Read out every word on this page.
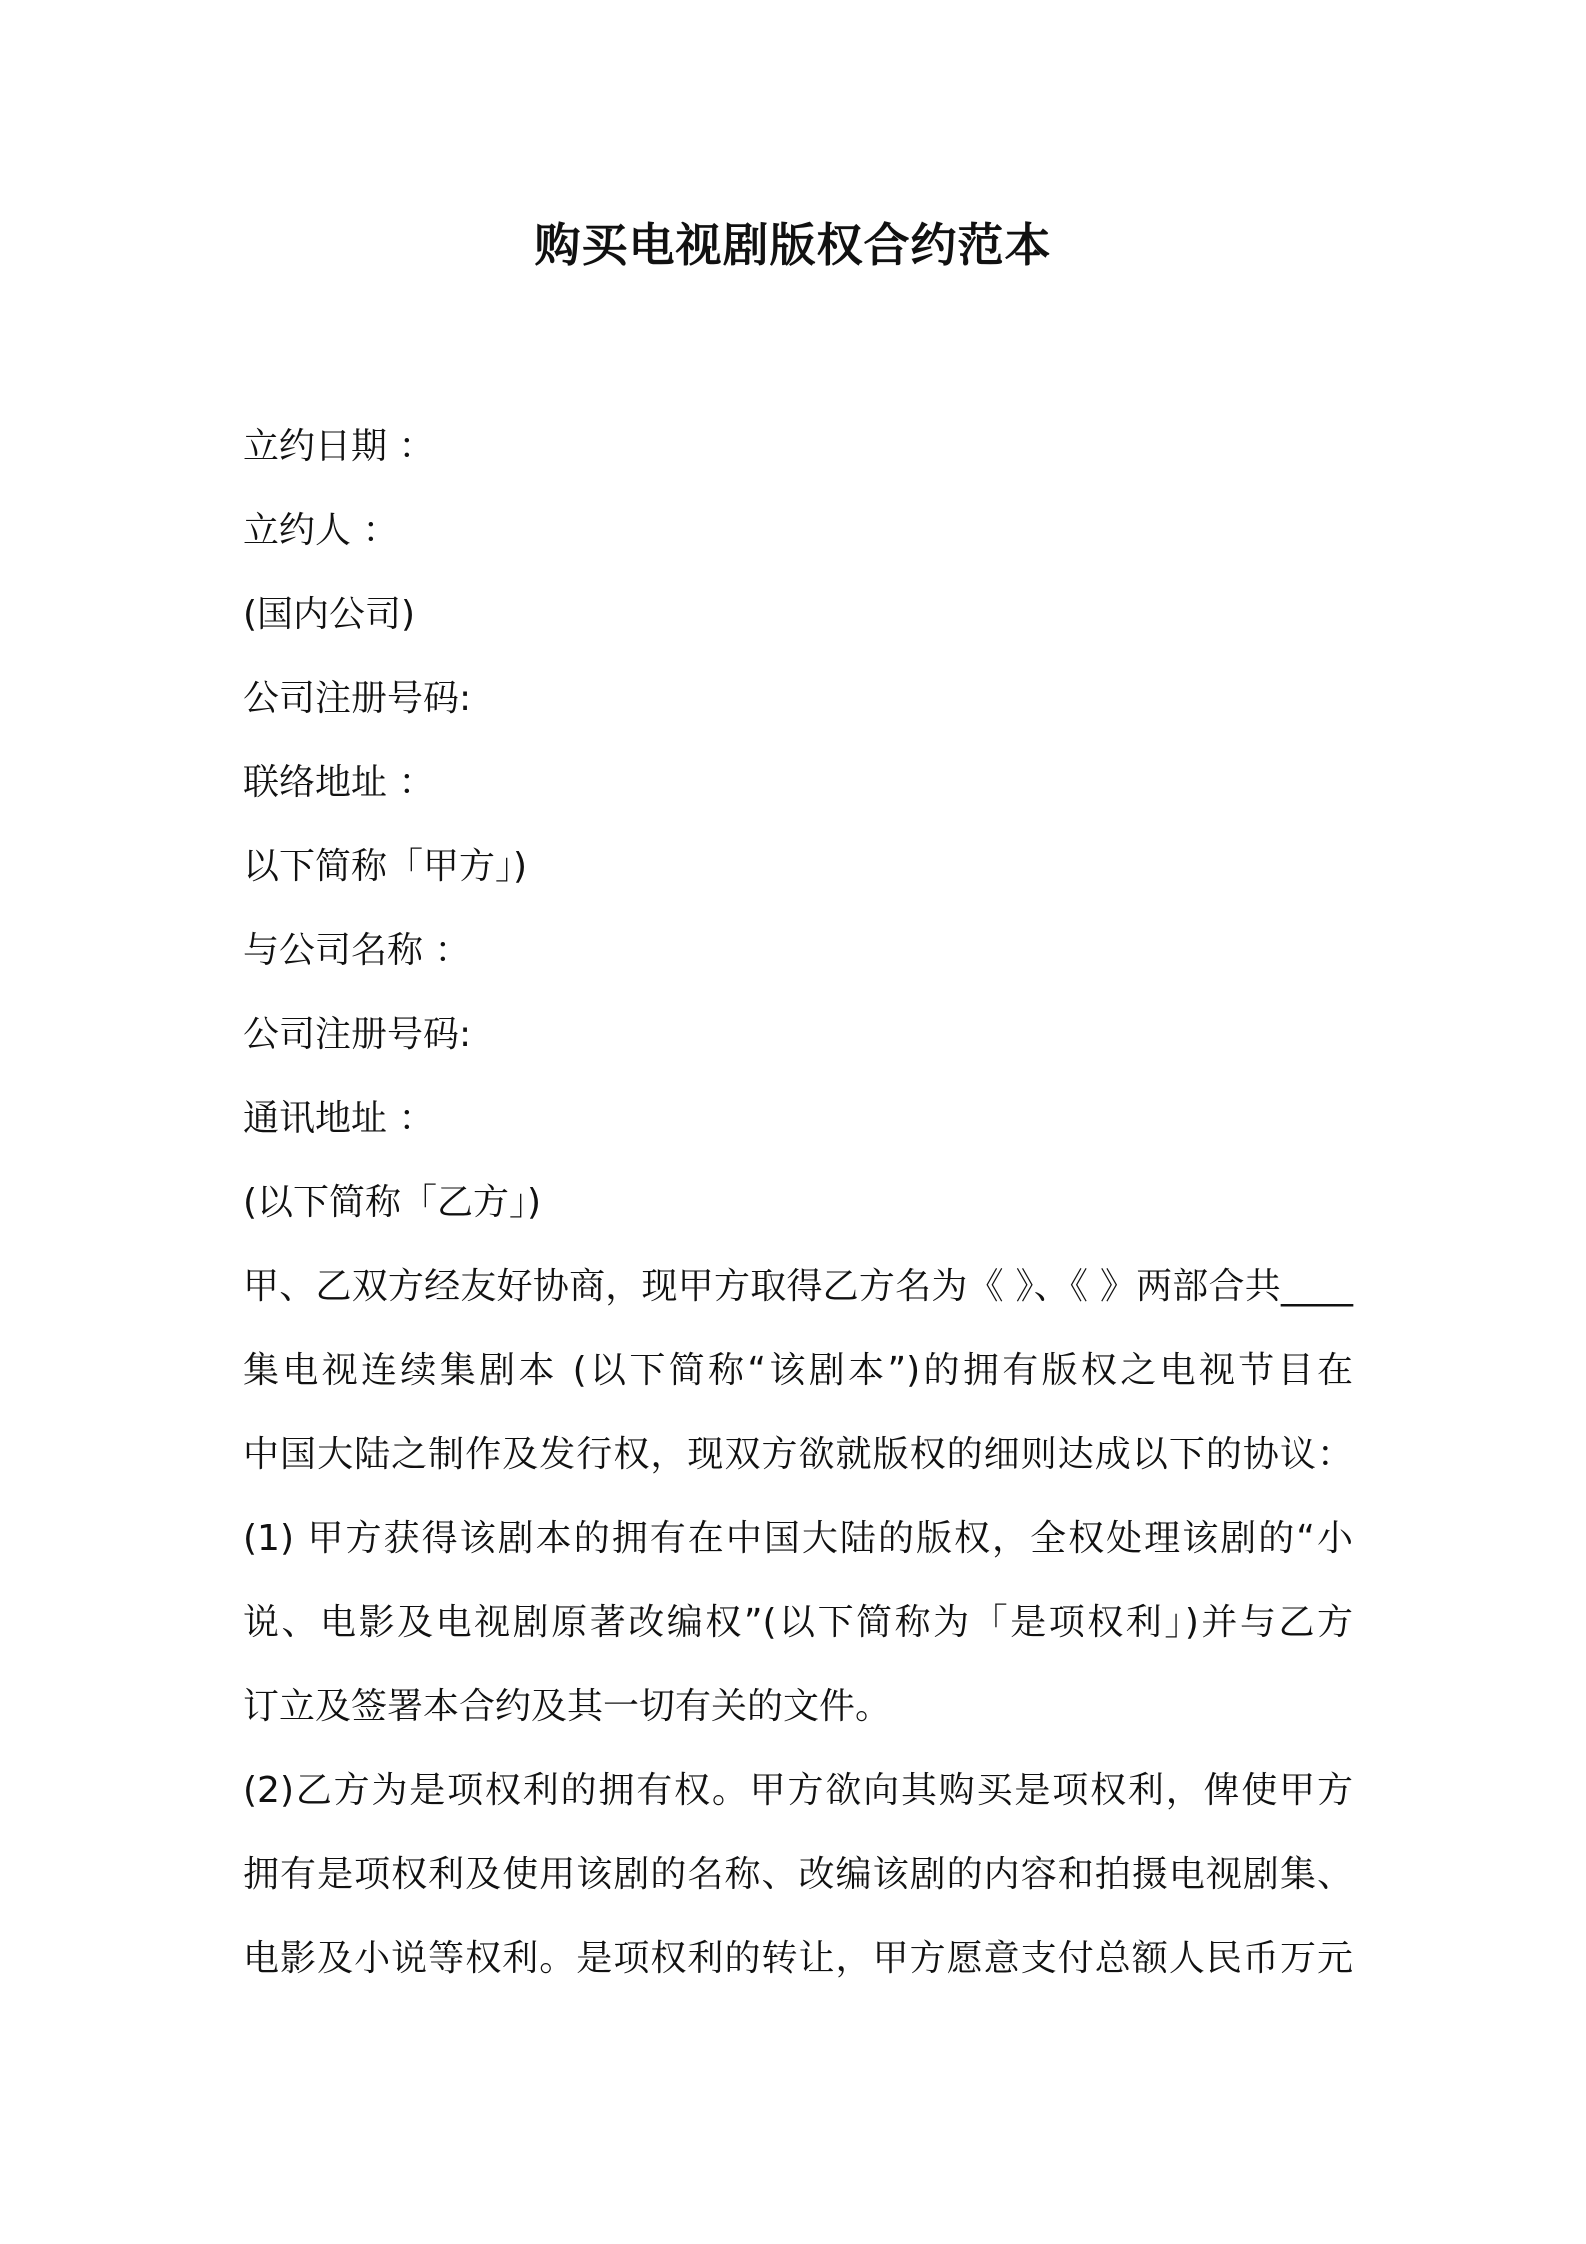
购买电视剧版权合约范本
立约日期 ：
立约人 ：
(国内公司)
公司注册号码:
联络地址 ：
以下简称「甲方」)
与公司名称 ：
公司注册号码:
通讯地址 ：
(以下简称「乙方」)
甲、乙双方经友好协商，现甲方取得乙方名为《 》、《 》两部合共____
集电视连续集剧本 (以下简称“该剧本”)的拥有版权之电视节目在
中国大陆之制作及发行权，现双方欲就版权的细则达成以下的协议：
(1) 甲方获得该剧本的拥有在中国大陆的版权，全权处理该剧的“小
说、电影及电视剧原著改编权”(以下简称为「是项权利」)并与乙方
订立及签署本合约及其一切有关的文件。
(2)乙方为是项权利的拥有权。甲方欲向其购买是项权利，俾使甲方
拥有是项权利及使用该剧的名称、改编该剧的内容和拍摄电视剧集、
电影及小说等权利。是项权利的转让，甲方愿意支付总额人民币万元
